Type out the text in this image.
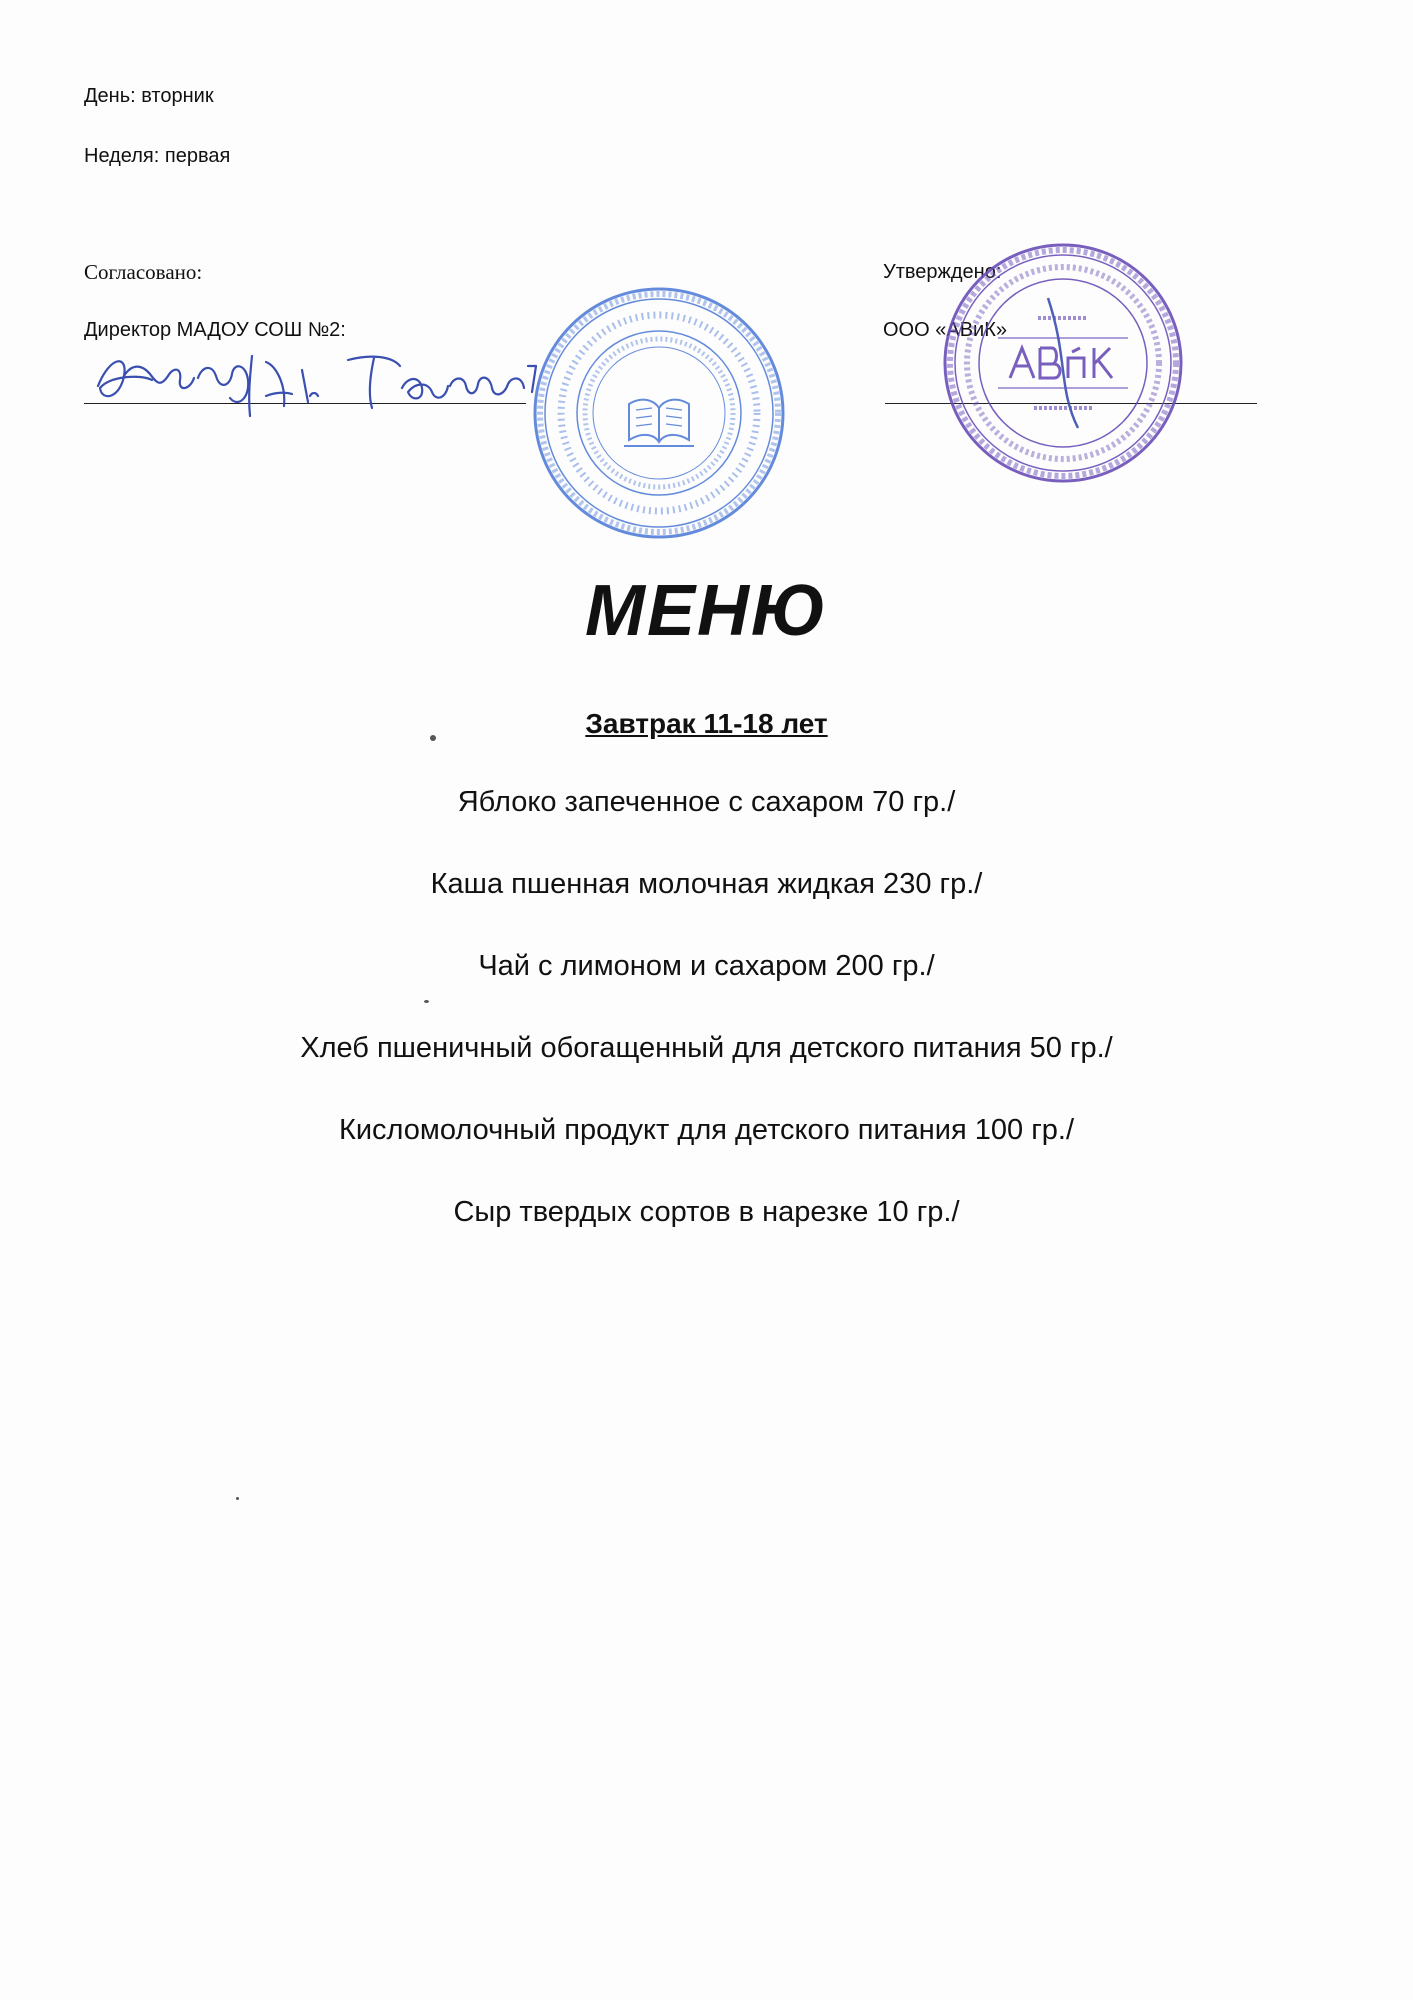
День: вторник
Неделя: первая
Согласовано:
Директор МАДОУ СОШ №2:
Утверждено:
ООО «АВиК»
МЕНЮ
Завтрак 11-18 лет
Яблоко запеченное с сахаром 70 гр./
Каша пшенная молочная жидкая 230 гр./
Чай с лимоном и сахаром 200 гр./
Хлеб пшеничный обогащенный для детского питания 50 гр./
Кисломолочный продукт для детского питания 100 гр./
Сыр твердых сортов в нарезке 10 гр./
